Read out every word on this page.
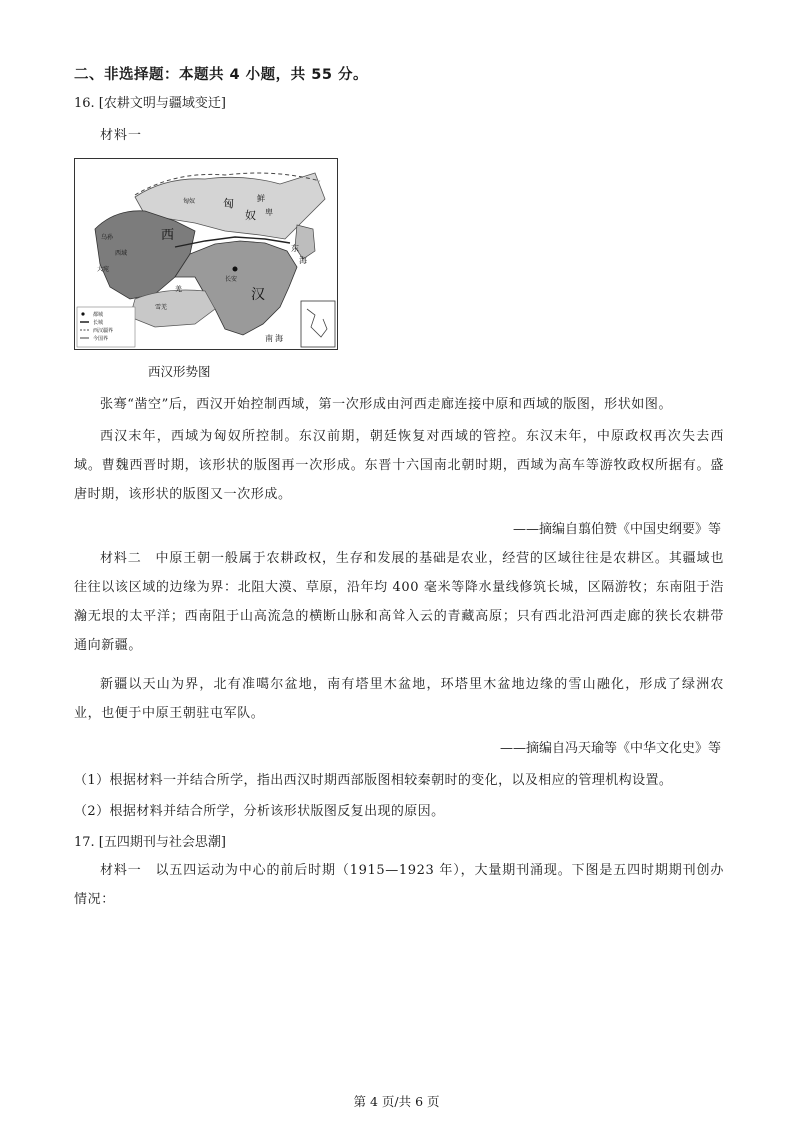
二、非选择题：本题共 4 小题，共 55 分。
16. [农耕文明与疆域变迁]
材料一
都城
长城
西汉疆界
今国界
西
匈
奴
鲜
卑
汉
东
海
南 海
长安
羌
西域
乌孙
大宛
雪羌
匈奴
西汉形势图
张骞“凿空”后，西汉开始控制西域，第一次形成由河西走廊连接中原和西域的版图，形状如图。
西汉末年，西域为匈奴所控制。东汉前期，朝廷恢复对西域的管控。东汉末年，中原政权再次失去西域。曹魏西晋时期，该形状的版图再一次形成。东晋十六国南北朝时期，西域为高车等游牧政权所据有。盛唐时期，该形状的版图又一次形成。
——摘编自翦伯赞《中国史纲要》等
材料二　中原王朝一般属于农耕政权，生存和发展的基础是农业，经营的区域往往是农耕区。其疆域也往往以该区域的边缘为界：北阻大漠、草原，沿年均 400 毫米等降水量线修筑长城，区隔游牧；东南阻于浩瀚无垠的太平洋；西南阻于山高流急的横断山脉和高耸入云的青藏高原；只有西北沿河西走廊的狭长农耕带通向新疆。
新疆以天山为界，北有准噶尔盆地，南有塔里木盆地，环塔里木盆地边缘的雪山融化，形成了绿洲农业，也便于中原王朝驻屯军队。
——摘编自冯天瑜等《中华文化史》等
（1）根据材料一并结合所学，指出西汉时期西部版图相较秦朝时的变化，以及相应的管理机构设置。
（2）根据材料并结合所学，分析该形状版图反复出现的原因。
17. [五四期刊与社会思潮]
材料一　以五四运动为中心的前后时期（1915—1923 年），大量期刊涌现。下图是五四时期期刊创办情况：
第 4 页/共 6 页
